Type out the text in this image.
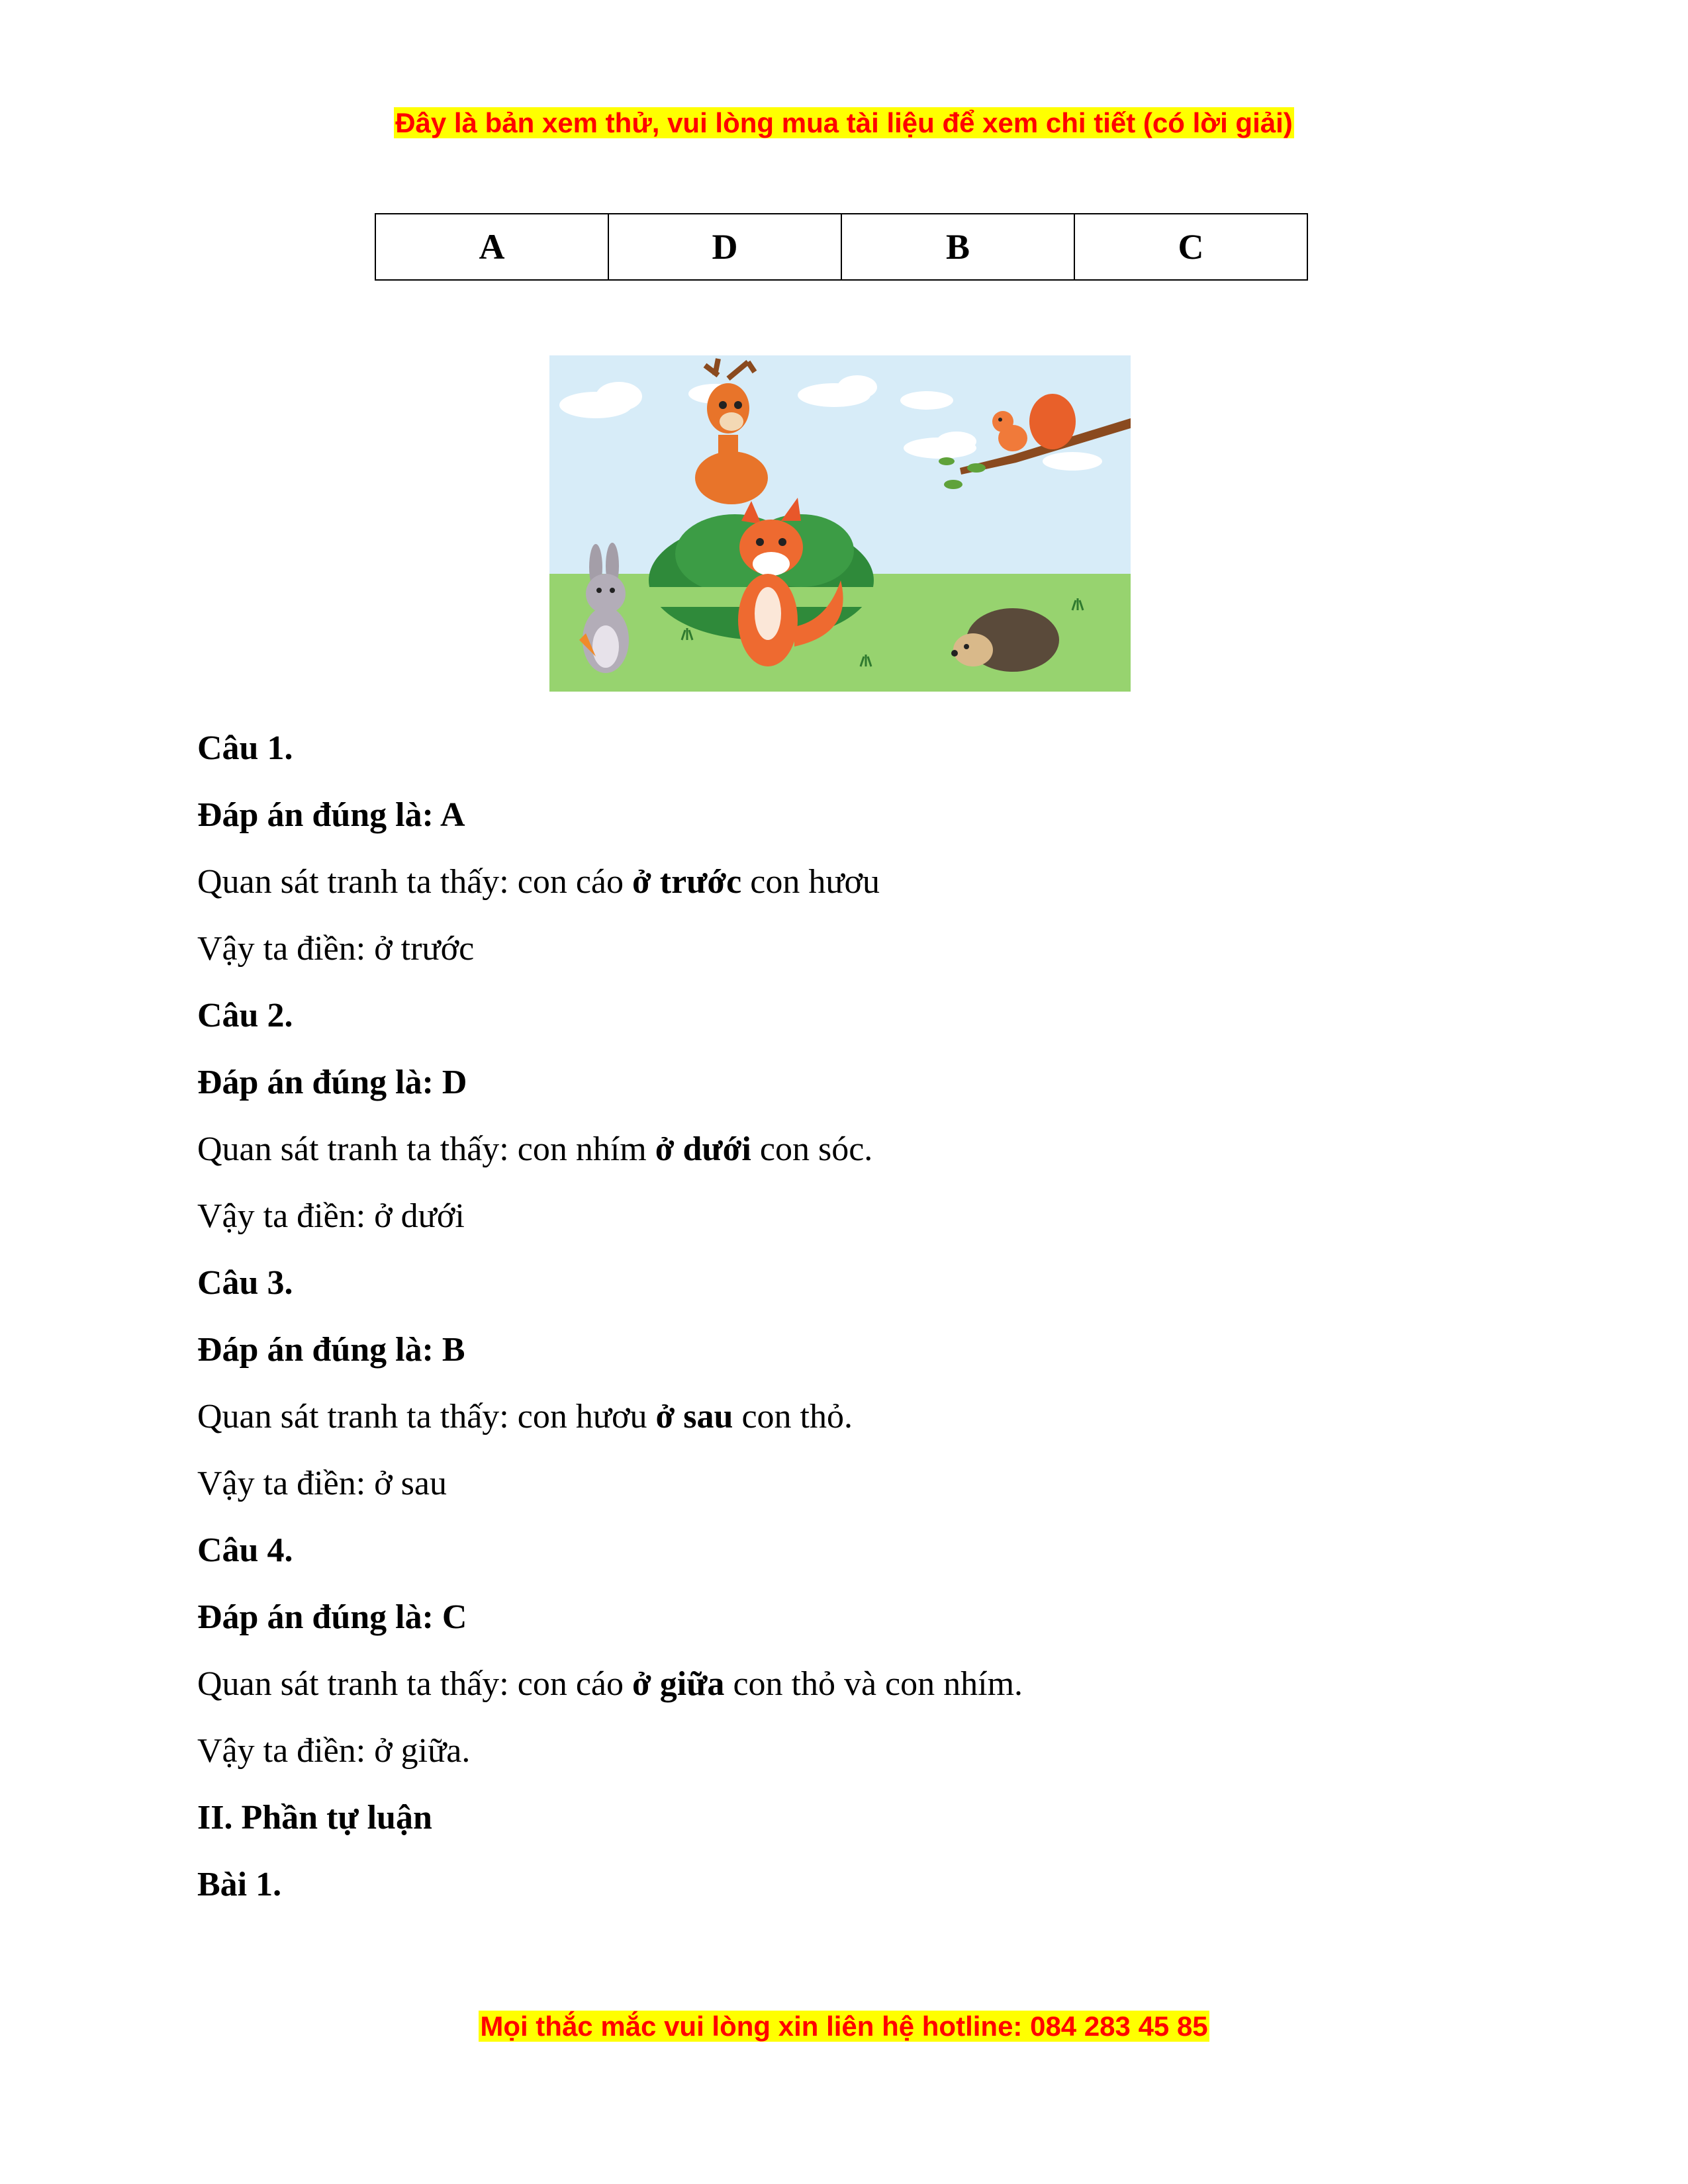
Đây là bản xem thử, vui lòng mua tài liệu để xem chi tiết (có lời giải)
A	D	B	C
Câu 1.
Đáp án đúng là: A
Quan sát tranh ta thấy: con cáo ở trước con hươu
Vậy ta điền: ở trước
Câu 2.
Đáp án đúng là: D
Quan sát tranh ta thấy: con nhím ở dưới con sóc.
Vậy ta điền: ở dưới
Câu 3.
Đáp án đúng là: B
Quan sát tranh ta thấy: con hươu ở sau con thỏ.
Vậy ta điền: ở sau
Câu 4.
Đáp án đúng là: C
Quan sát tranh ta thấy: con cáo ở giữa con thỏ và con nhím.
Vậy ta điền: ở giữa.
II. Phần tự luận
Bài 1.
Mọi thắc mắc vui lòng xin liên hệ hotline: 084 283 45 85
